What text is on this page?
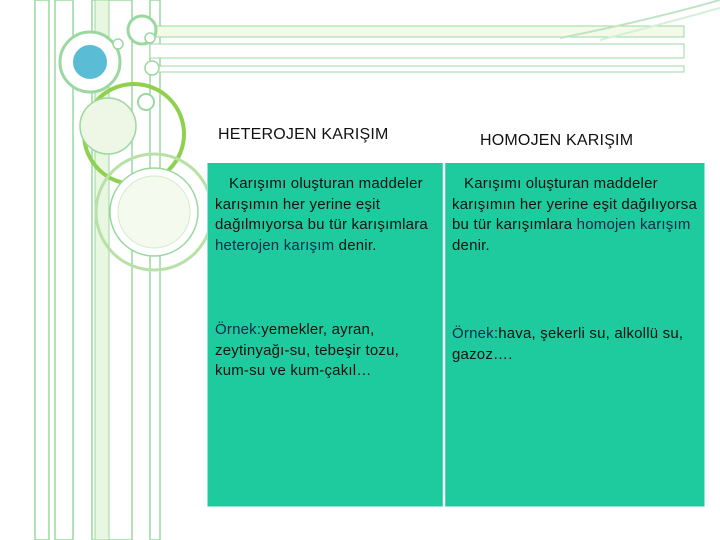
HETEROJEN KARIŞIM	HOMOJEN KARIŞIM
Karışımı oluşturan maddeler karışımın her yerine eşit dağılmıyorsa bu tür karışımlara heterojen karışım denir.
Karışımı oluşturan maddeler karışımın her yerine eşit dağılıyorsa bu tür karışımlara homojen karışım denir.
Örnek:yemekler, ayran, zeytinyağı-su, tebeşir tozu, kum-su ve kum-çakıl…
Örnek:hava, şekerli su, alkollü su, gazoz….
